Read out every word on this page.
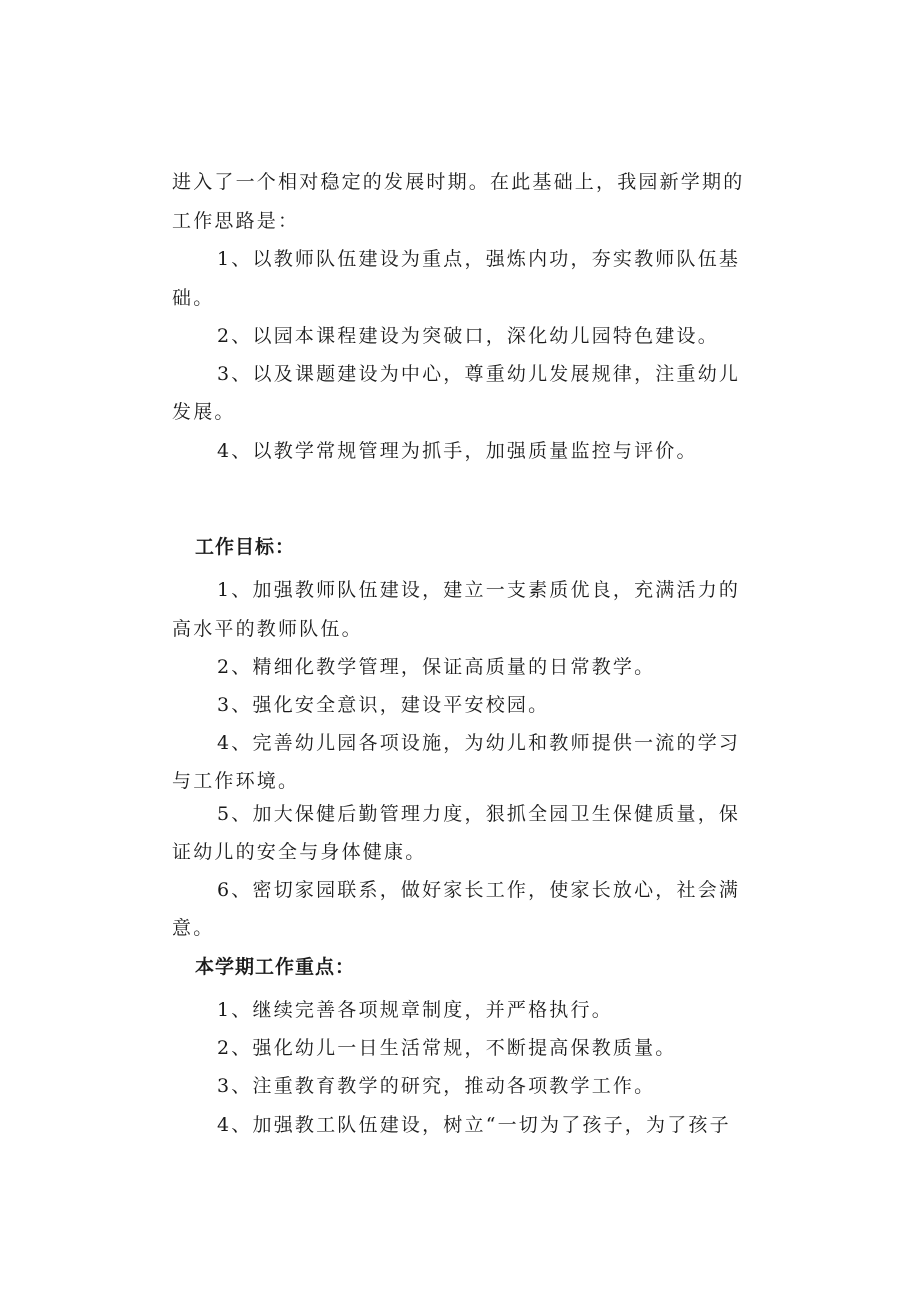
进入了一个相对稳定的发展时期。在此基础上，我园新学期的
工作思路是：
1、以教师队伍建设为重点，强炼内功，夯实教师队伍基
础。
2、以园本课程建设为突破口，深化幼儿园特色建设。
3、以及课题建设为中心，尊重幼儿发展规律，注重幼儿
发展。
4、以教学常规管理为抓手，加强质量监控与评价。
工作目标：
1、加强教师队伍建设，建立一支素质优良，充满活力的
高水平的教师队伍。
2、精细化教学管理，保证高质量的日常教学。
3、强化安全意识，建设平安校园。
4、完善幼儿园各项设施，为幼儿和教师提供一流的学习
与工作环境。
5、加大保健后勤管理力度，狠抓全园卫生保健质量，保
证幼儿的安全与身体健康。
6、密切家园联系，做好家长工作，使家长放心，社会满
意。
本学期工作重点：
1、继续完善各项规章制度，并严格执行。
2、强化幼儿一日生活常规，不断提高保教质量。
3、注重教育教学的研究，推动各项教学工作。
4、加强教工队伍建设，树立“一切为了孩子，为了孩子
